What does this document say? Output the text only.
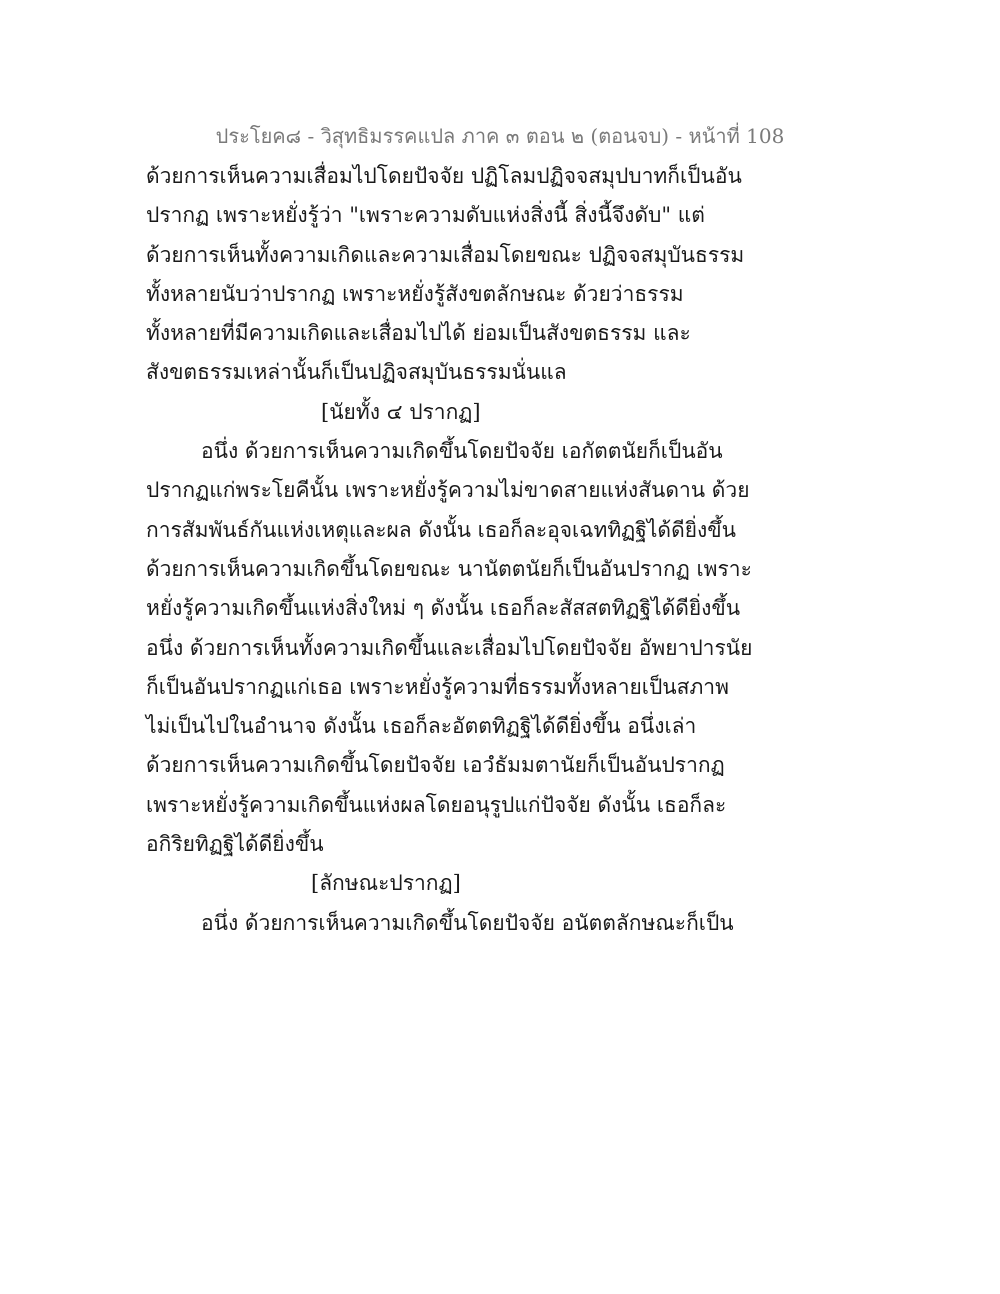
ประโยค๘ - วิสุทธิมรรคแปล ภาค ๓ ตอน ๒ (ตอนจบ) - หน้าที่ 108
ด้วยการเห็นความเสื่อมไปโดยปัจจัย ปฏิโลมปฏิจจสมุปบาทก็เป็นอัน
ปรากฏ เพราะหยั่งรู้ว่า "เพราะความดับแห่งสิ่งนี้ สิ่งนี้จึงดับ" แต่
ด้วยการเห็นทั้งความเกิดและความเสื่อมโดยขณะ ปฏิจจสมุบันธรรม
ทั้งหลายนับว่าปรากฏ เพราะหยั่งรู้สังขตลักษณะ ด้วยว่าธรรม
ทั้งหลายที่มีความเกิดและเสื่อมไปได้ ย่อมเป็นสังขตธรรม และ
สังขตธรรมเหล่านั้นก็เป็นปฏิจสมุบันธรรมนั่นแล
[นัยทั้ง ๔ ปรากฏ]
อนึ่ง ด้วยการเห็นความเกิดขึ้นโดยปัจจัย เอกัตตนัยก็เป็นอัน
ปรากฏแก่พระโยคีนั้น เพราะหยั่งรู้ความไม่ขาดสายแห่งสันดาน ด้วย
การสัมพันธ์กันแห่งเหตุและผล ดังนั้น เธอก็ละอุจเฉททิฏฐิได้ดียิ่งขึ้น
ด้วยการเห็นความเกิดขึ้นโดยขณะ นานัตตนัยก็เป็นอันปรากฏ เพราะ
หยั่งรู้ความเกิดขึ้นแห่งสิ่งใหม่ ๆ ดังนั้น เธอก็ละสัสสตทิฏฐิได้ดียิ่งขึ้น
อนึ่ง ด้วยการเห็นทั้งความเกิดขึ้นและเสื่อมไปโดยปัจจัย อัพยาปารนัย
ก็เป็นอันปรากฏแก่เธอ เพราะหยั่งรู้ความที่ธรรมทั้งหลายเป็นสภาพ
ไม่เป็นไปในอำนาจ ดังนั้น เธอก็ละอัตตทิฏฐิได้ดียิ่งขึ้น อนึ่งเล่า
ด้วยการเห็นความเกิดขึ้นโดยปัจจัย เอวํธัมมตานัยก็เป็นอันปรากฏ
เพราะหยั่งรู้ความเกิดขึ้นแห่งผลโดยอนุรูปแก่ปัจจัย ดังนั้น เธอก็ละ
อกิริยทิฏฐิได้ดียิ่งขึ้น
[ลักษณะปรากฏ]
อนึ่ง ด้วยการเห็นความเกิดขึ้นโดยปัจจัย อนัตตลักษณะก็เป็น
